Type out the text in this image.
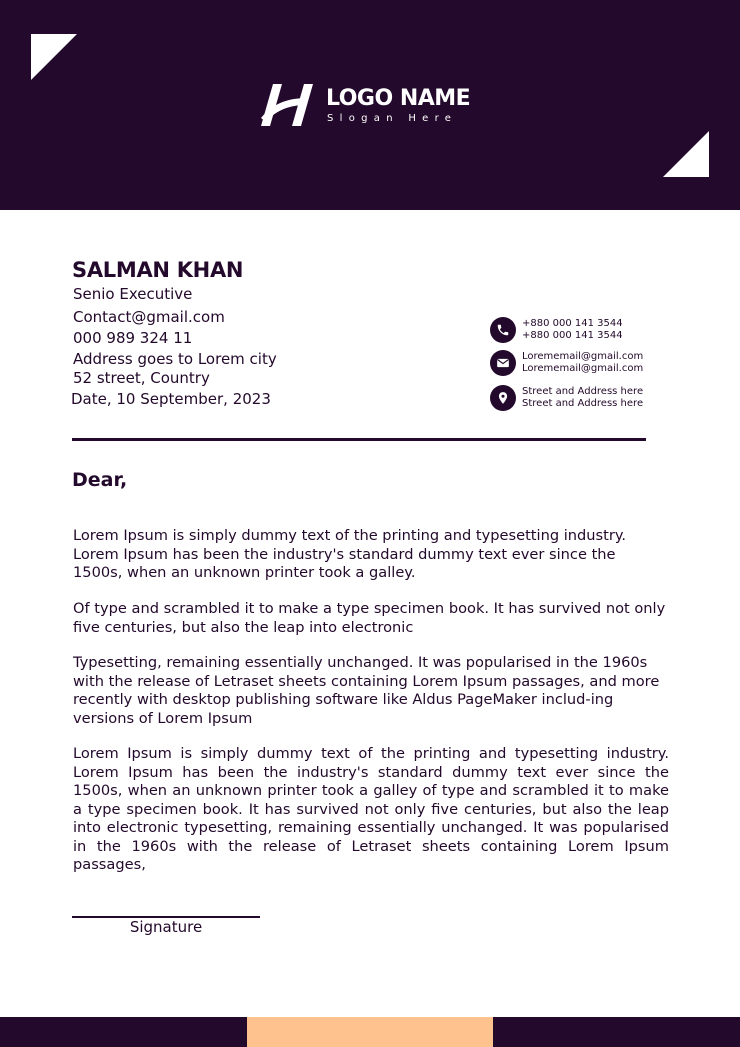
LOGO NAME
Slogan Here
SALMAN KHAN
Senio Executive
Contact@gmail.com
000 989 324 11
Address goes to Lorem city
52 street, Country
Date, 10 September, 2023
+880 000 141 3544
+880 000 141 3544
Lorememail@gmail.com
Lorememail@gmail.com
Street and Address here
Street and Address here
Dear,

Lorem Ipsum is simply dummy text of the printing and typesetting industry. Lorem Ipsum has been the industry's standard dummy text ever since the 1500s, when an unknown printer took a galley.

Of type and scrambled it to make a type specimen book. It has survived not only five centuries, but also the leap into electronic

Typesetting, remaining essentially unchanged. It was popularised in the 1960s with the release of Letraset sheets containing Lorem Ipsum passages, and more recently with desktop publishing software like Aldus PageMaker includ-ing versions of Lorem Ipsum

Lorem Ipsum is simply dummy text of the printing and typesetting industry. Lorem Ipsum has been the industry's standard dummy text ever since the 1500s, when an unknown printer took a galley of type and scrambled it to make a type specimen book. It has survived not only five centuries, but also the leap into electronic typesetting, remaining essentially unchanged. It was popularised in the 1960s with the release of Letraset sheets containing Lorem Ipsum passages,

Signature
